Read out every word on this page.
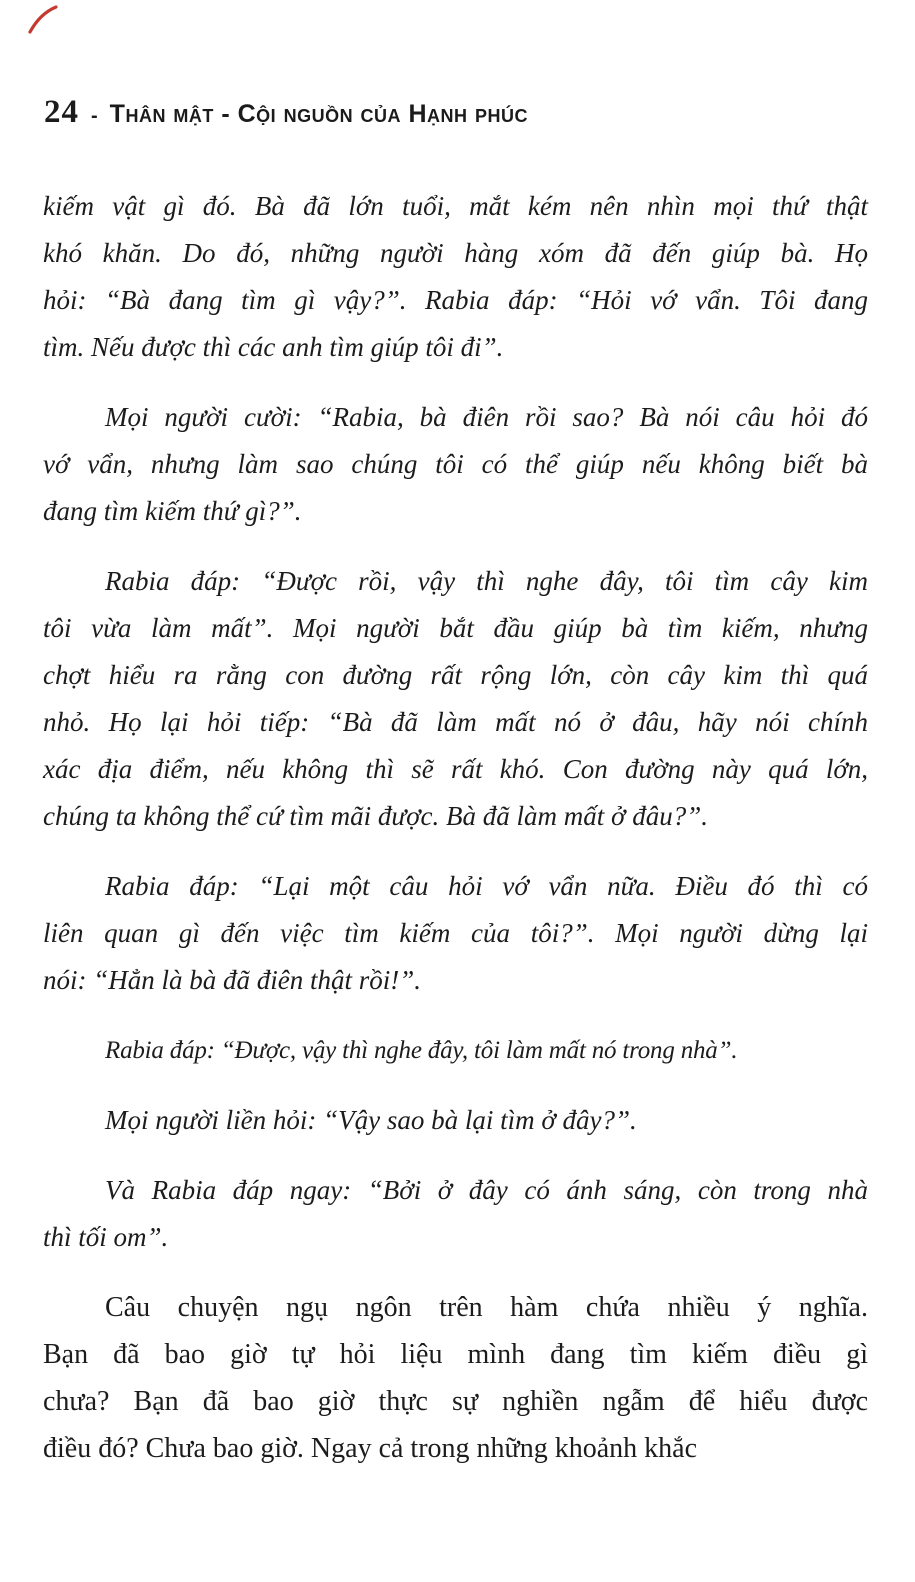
24 - Thân mật - Cội nguồn của Hạnh phúc
kiếm vật gì đó. Bà đã lớn tuổi, mắt kém nên nhìn mọi thứ thật
khó khăn. Do đó, những người hàng xóm đã đến giúp bà. Họ
hỏi: “Bà đang tìm gì vậy?”. Rabia đáp: “Hỏi vớ vẩn. Tôi đang
tìm. Nếu được thì các anh tìm giúp tôi đi”.
Mọi người cười: “Rabia, bà điên rồi sao? Bà nói câu hỏi đó
vớ vẩn, nhưng làm sao chúng tôi có thể giúp nếu không biết bà
đang tìm kiếm thứ gì?”.
Rabia đáp: “Được rồi, vậy thì nghe đây, tôi tìm cây kim
tôi vừa làm mất”. Mọi người bắt đầu giúp bà tìm kiếm, nhưng
chợt hiểu ra rằng con đường rất rộng lớn, còn cây kim thì quá
nhỏ. Họ lại hỏi tiếp: “Bà đã làm mất nó ở đâu, hãy nói chính
xác địa điểm, nếu không thì sẽ rất khó. Con đường này quá lớn,
chúng ta không thể cứ tìm mãi được. Bà đã làm mất ở đâu?”.
Rabia đáp: “Lại một câu hỏi vớ vẩn nữa. Điều đó thì có
liên quan gì đến việc tìm kiếm của tôi?”. Mọi người dừng lại
nói: “Hẳn là bà đã điên thật rồi!”.
Rabia đáp: “Được, vậy thì nghe đây, tôi làm mất nó trong nhà”.
Mọi người liền hỏi: “Vậy sao bà lại tìm ở đây?”.
Và Rabia đáp ngay: “Bởi ở đây có ánh sáng, còn trong nhà
thì tối om”.
Câu chuyện ngụ ngôn trên hàm chứa nhiều ý nghĩa.
Bạn đã bao giờ tự hỏi liệu mình đang tìm kiếm điều gì
chưa? Bạn đã bao giờ thực sự nghiền ngẫm để hiểu được
điều đó? Chưa bao giờ. Ngay cả trong những khoảnh khắc
